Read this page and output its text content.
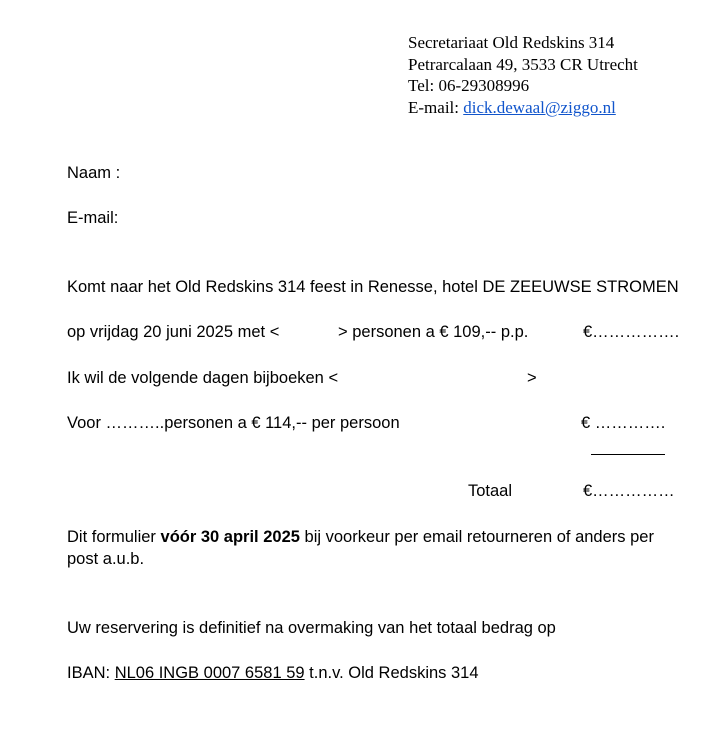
Secretariaat Old Redskins 314
Petrarcalaan 49, 3533 CR Utrecht
Tel: 06-29308996
E-mail: dick.dewaal@ziggo.nl
Naam :
E-mail:
Komt naar het Old Redskins 314 feest in Renesse, hotel DE ZEEUWSE STROMEN
op vrijdag 20 juni 2025 met <	> personen a € 109,-- p.p.	€…………….
Ik wil de volgende dagen bijboeken <	>
Voor ………..personen a € 114,-- per persoon	€ ………….
Totaal	€……………
Dit formulier vóór 30 april 2025 bij voorkeur per email retourneren of anders per post a.u.b.
Uw reservering is definitief na overmaking van het totaal bedrag op
IBAN: NL06 INGB 0007 6581 59 t.n.v. Old Redskins 314
